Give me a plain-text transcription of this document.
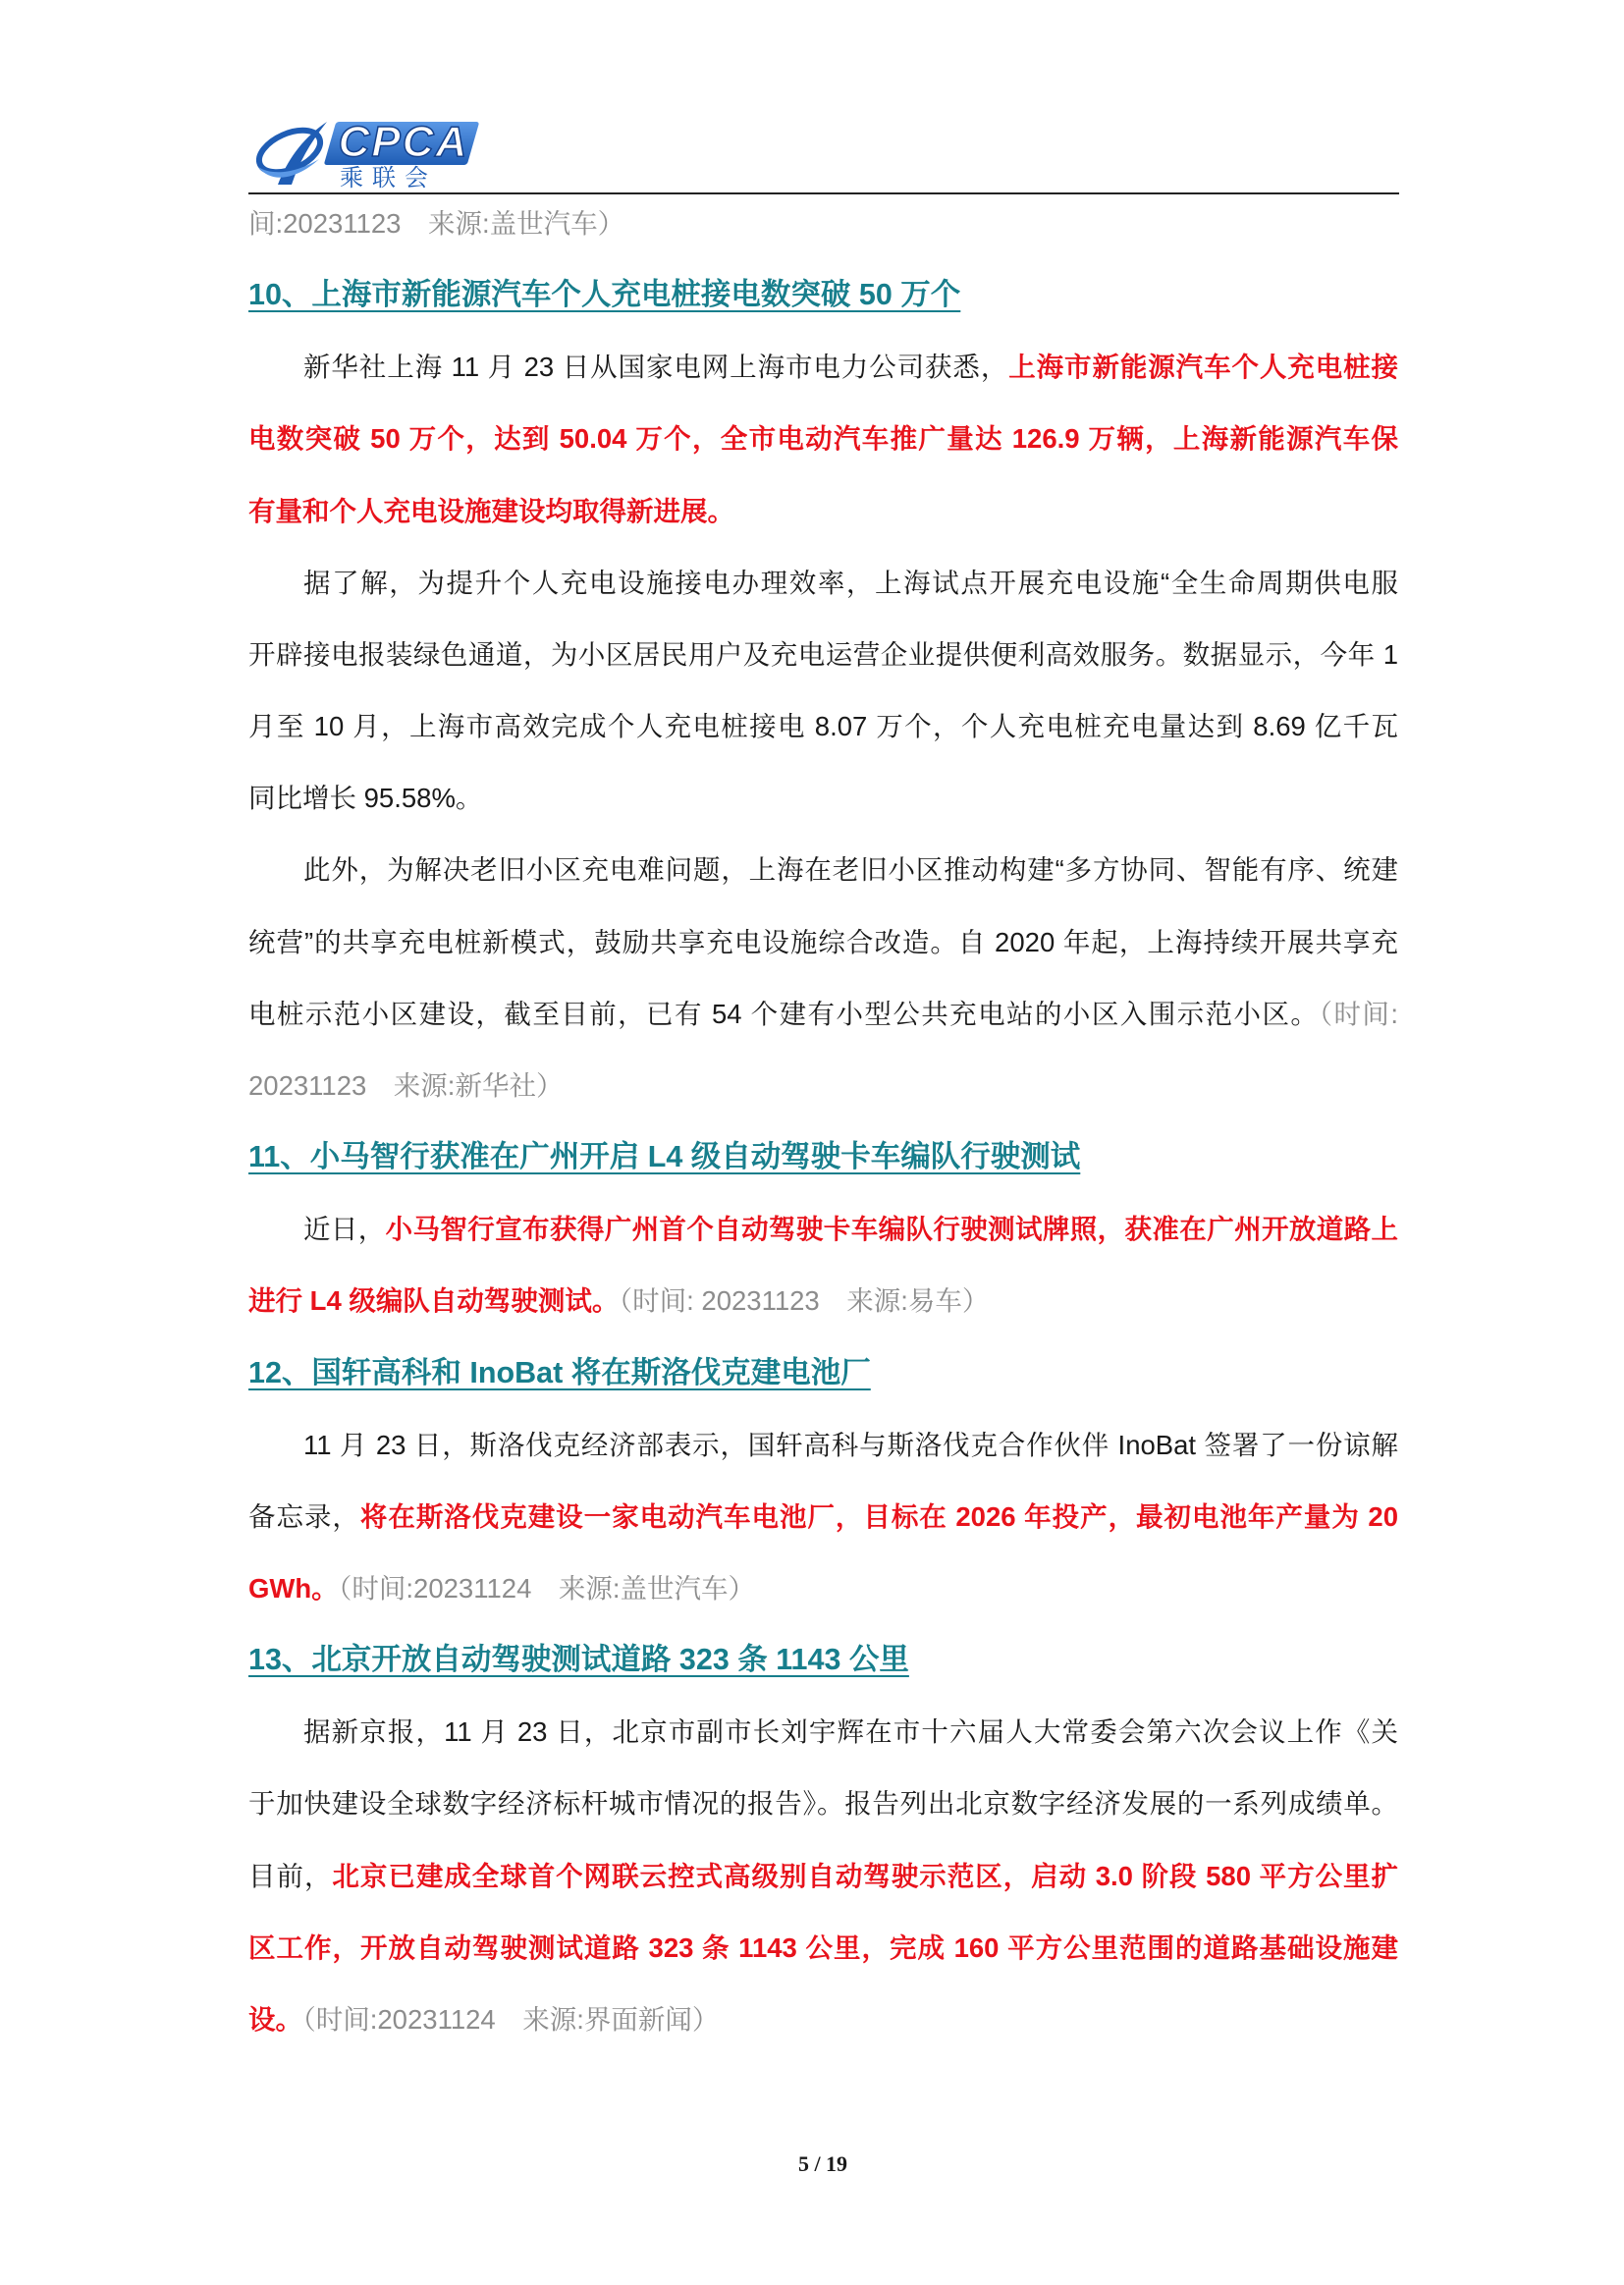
CPCA
乘联会
间:20231123　来源:盖世汽车）
10、上海市新能源汽车个人充电桩接电数突破 50 万个
新华社上海 11 月 23 日从国家电网上海市电力公司获悉，上海市新能源汽车个人充电桩接
电数突破 50 万个，达到 50.04 万个，全市电动汽车推广量达 126.9 万辆，上海新能源汽车保
有量和个人充电设施建设均取得新进展。
据了解，为提升个人充电设施接电办理效率，上海试点开展充电设施“全生命周期供电服
开辟接电报装绿色通道，为小区居民用户及充电运营企业提供便利高效服务。数据显示，今年 1
月至 10 月，上海市高效完成个人充电桩接电 8.07 万个，个人充电桩充电量达到 8.69 亿千瓦
同比增长 95.58%。
此外，为解决老旧小区充电难问题，上海在老旧小区推动构建“多方协同、智能有序、统建
统营”的共享充电桩新模式，鼓励共享充电设施综合改造。自 2020 年起，上海持续开展共享充
电桩示范小区建设，截至目前，已有 54 个建有小型公共充电站的小区入围示范小区。（时间:
20231123　来源:新华社）
11、小马智行获准在广州开启 L4 级自动驾驶卡车编队行驶测试
近日，小马智行宣布获得广州首个自动驾驶卡车编队行驶测试牌照，获准在广州开放道路上
进行 L4 级编队自动驾驶测试。（时间: 20231123　来源:易车）
12、国轩高科和 InoBat 将在斯洛伐克建电池厂
11 月 23 日，斯洛伐克经济部表示，国轩高科与斯洛伐克合作伙伴 InoBat 签署了一份谅解
备忘录，将在斯洛伐克建设一家电动汽车电池厂，目标在 2026 年投产，最初电池年产量为 20
GWh。（时间:20231124　来源:盖世汽车）
13、北京开放自动驾驶测试道路 323 条 1143 公里
据新京报，11 月 23 日，北京市副市长刘宇辉在市十六届人大常委会第六次会议上作《关
于加快建设全球数字经济标杆城市情况的报告》。报告列出北京数字经济发展的一系列成绩单。
目前，北京已建成全球首个网联云控式高级别自动驾驶示范区，启动 3.0 阶段 580 平方公里扩
区工作，开放自动驾驶测试道路 323 条 1143 公里，完成 160 平方公里范围的道路基础设施建
设。（时间:20231124　来源:界面新闻）
5 / 19
